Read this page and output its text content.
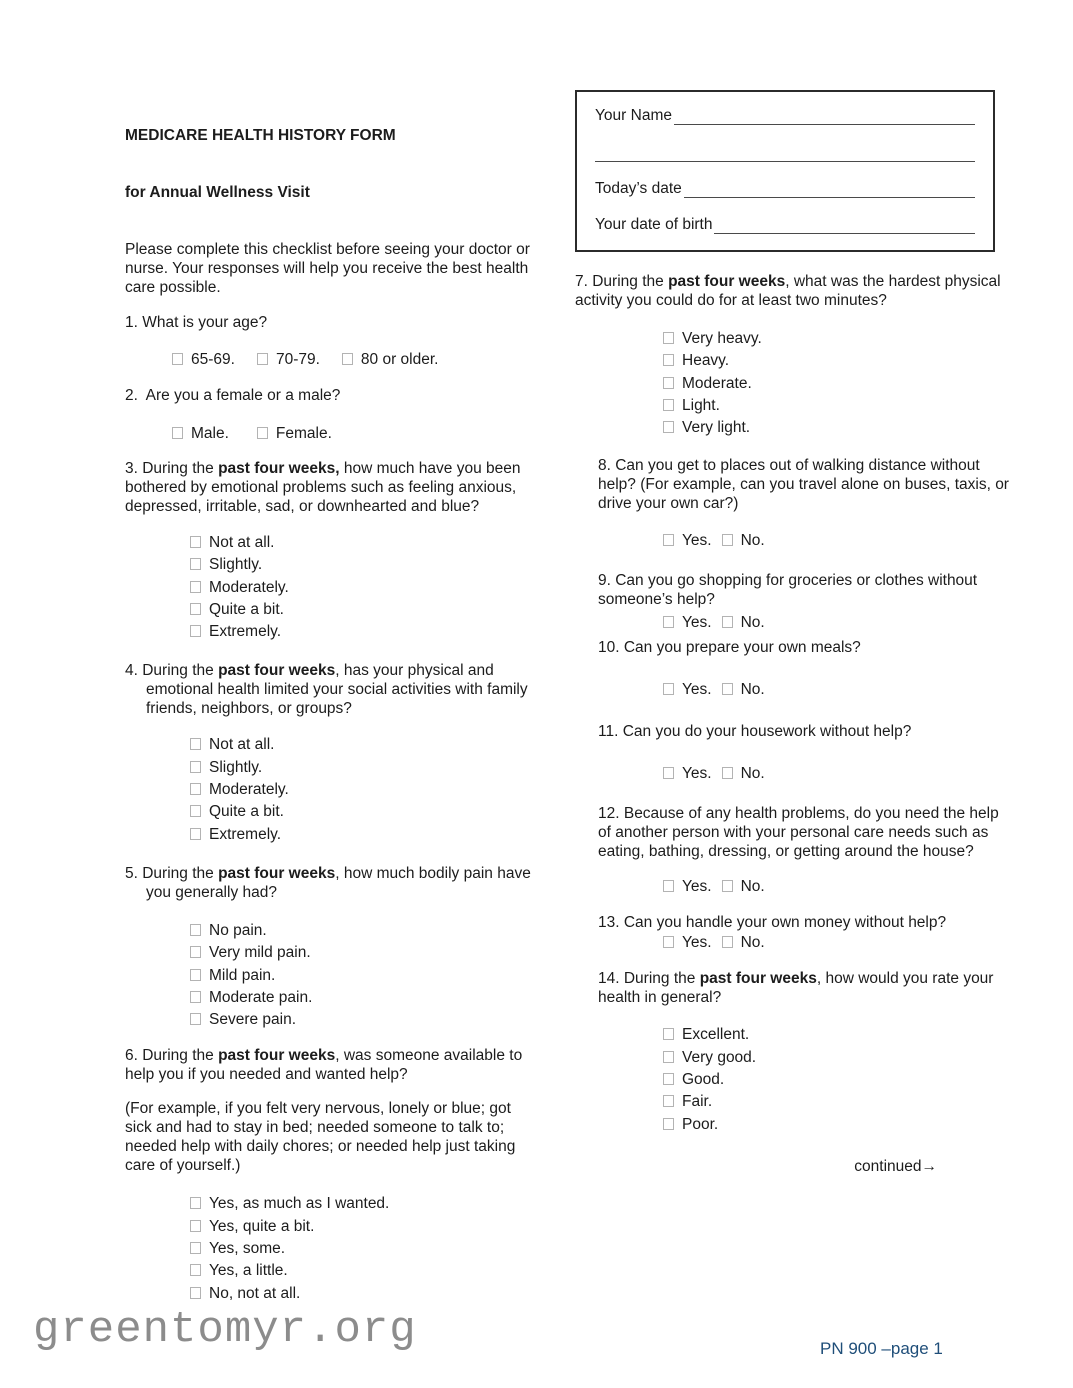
MEDICARE HEALTH HISTORY FORM

for Annual Wellness Visit

Please complete this checklist before seeing your doctor or nurse. Your responses will help you receive the best health care possible.

1. What is your age?

65-69.	70-79.	80 or older.

2.  Are you a female or a male?

Male.	Female.

3. During the past four weeks, how much have you been bothered by emotional problems such as feeling anxious, depressed, irritable, sad, or downhearted and blue?

Not at all.
Slightly.
Moderately.
Quite a bit.
Extremely.

4. During the past four weeks, has your physical and emotional health limited your social activities with family friends, neighbors, or groups?

Not at all.
Slightly.
Moderately.
Quite a bit.
Extremely.

5. During the past four weeks, how much bodily pain have you generally had?

No pain.
Very mild pain.
Mild pain.
Moderate pain.
Severe pain.

6. During the past four weeks, was someone available to help you if you needed and wanted help?

(For example, if you felt very nervous, lonely or blue; got sick and had to stay in bed; needed someone to talk to; needed help with daily chores; or needed help just taking care of yourself.)

Yes, as much as I wanted.
Yes, quite a bit.
Yes, some.
Yes, a little.
No, not at all.
Your Name
Today’s date
Your date of birth

7. During the past four weeks, what was the hardest physical activity you could do for at least two minutes?

Very heavy.
Heavy.
Moderate.
Light.
Very light.

8. Can you get to places out of walking distance without help? (For example, can you travel alone on buses, taxis, or drive your own car?)

Yes. No.

9. Can you go shopping for groceries or clothes without someone’s help?

Yes. No.

10. Can you prepare your own meals?

Yes. No.

11. Can you do your housework without help?

Yes. No.

12. Because of any health problems, do you need the help of another person with your personal care needs such as eating, bathing, dressing, or getting around the house?

Yes. No.

13. Can you handle your own money without help?

Yes. No.

14. During the past four weeks, how would you rate your health in general?

Excellent.
Very good.
Good.
Fair.
Poor.

continued→

greentomyr.org	PN 900 –page 1
